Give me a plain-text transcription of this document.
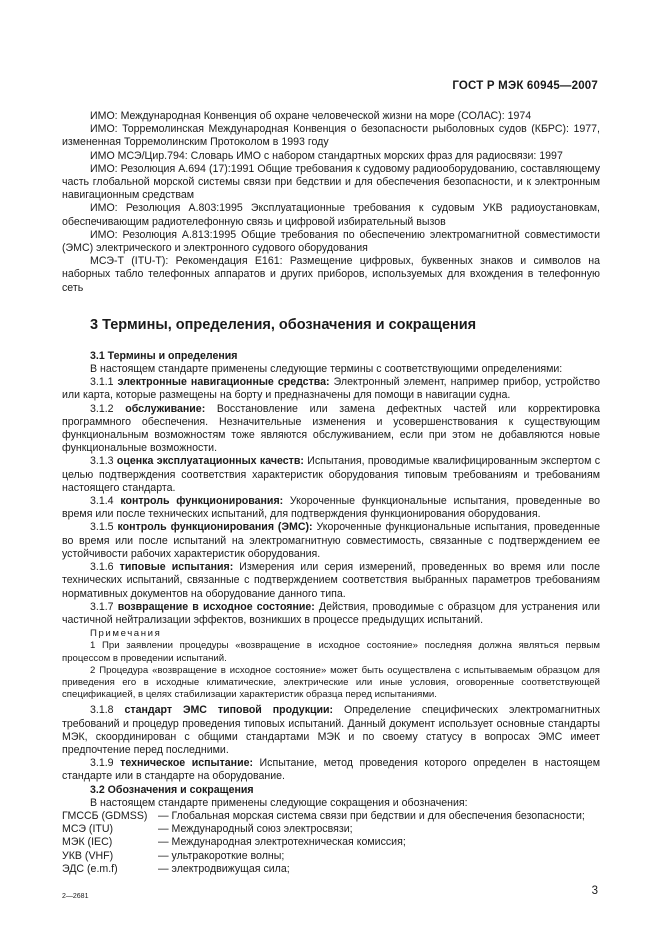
ГОСТ Р МЭК 60945—2007

ИМО: Международная Конвенция об охране человеческой жизни на море (СОЛАС): 1974

ИМО: Торремолинская Международная Конвенция о безопасности рыболовных судов (КБРС): 1977, измененная Торремолинским Протоколом в 1993 году

ИМО МСЭ/Цир.794: Словарь ИМО с набором стандартных морских фраз для радиосвязи: 1997

ИМО: Резолюция А.694 (17):1991 Общие требования к судовому радиооборудованию, составляющему часть глобальной морской системы связи при бедствии и для обеспечения безопасности, и к электронным навигационным средствам

ИМО: Резолюция А.803:1995 Эксплуатационные требования к судовым УКВ радиоустановкам, обеспечивающим радиотелефонную связь и цифровой избирательный вызов

ИМО: Резолюция А.813:1995 Общие требования по обеспечению электромагнитной совместимости (ЭМС) электрического и электронного судового оборудования

МСЭ-Т (ITU-T): Рекомендация Е161: Размещение цифровых, буквенных знаков и символов на наборных табло телефонных аппаратов и других приборов, используемых для вхождения в телефонную сеть

3 Термины, определения, обозначения и сокращения

3.1 Термины и определения

В настоящем стандарте применены следующие термины с соответствующими определениями:

3.1.1 электронные навигационные средства: Электронный элемент, например прибор, устройство или карта, которые размещены на борту и предназначены для помощи в навигации судна.

3.1.2 обслуживание: Восстановление или замена дефектных частей или корректировка программного обеспечения. Незначительные изменения и усовершенствования к существующим функциональным возможностям тоже являются обслуживанием, если при этом не добавляются новые функциональные возможности.

3.1.3 оценка эксплуатационных качеств: Испытания, проводимые квалифицированным экспертом с целью подтверждения соответствия характеристик оборудования типовым требованиям и требованиям настоящего стандарта.

3.1.4 контроль функционирования: Укороченные функциональные испытания, проведенные во время или после технических испытаний, для подтверждения функционирования оборудования.

3.1.5 контроль функционирования (ЭМС): Укороченные функциональные испытания, проведенные во время или после испытаний на электромагнитную совместимость, связанные с подтверждением ее устойчивости рабочих характеристик оборудования.

3.1.6 типовые испытания: Измерения или серия измерений, проведенных во время или после технических испытаний, связанные с подтверждением соответствия выбранных параметров требованиям нормативных документов на оборудование данного типа.

3.1.7 возвращение в исходное состояние: Действия, проводимые с образцом для устранения или частичной нейтрализации эффектов, возникших в процессе предыдущих испытаний.

Примечания

1 При заявлении процедуры «возвращение в исходное состояние» последняя должна являться первым процессом в проведении испытаний.

2 Процедура «возвращение в исходное состояние» может быть осуществлена с испытываемым образцом для приведения его в исходные климатические, электрические или иные условия, оговоренные соответствующей спецификацией, в целях стабилизации характеристик образца перед испытаниями.

3.1.8 стандарт ЭМС типовой продукции: Определение специфических электромагнитных требований и процедур проведения типовых испытаний. Данный документ использует основные стандарты МЭК, скоординирован с общими стандартами МЭК и по своему статусу в вопросах ЭМС имеет предпочтение перед последними.

3.1.9 техническое испытание: Испытание, метод проведения которого определен в настоящем стандарте или в стандарте на оборудование.

3.2 Обозначения и сокращения

В настоящем стандарте применены следующие сокращения и обозначения:

ГМССБ (GDMSS) — Глобальная морская система связи при бедствии и для обеспечения безопасности;
МСЭ (ITU)	— Международный союз электросвязи;
МЭК (IEC)	— Международная электротехническая комиссия;
УКВ (VHF)	— ультракороткие волны;
ЭДС (e.m.f)	— электродвижущая сила;
2—2681	3
